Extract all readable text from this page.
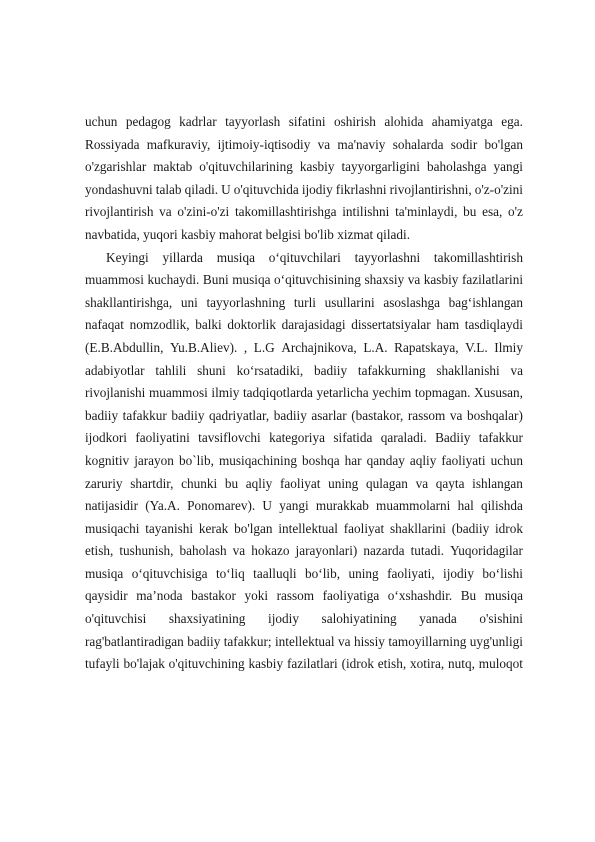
uchun pedagog kadrlar tayyorlash sifatini oshirish alohida ahamiyatga ega.
Rossiyada mafkuraviy, ijtimoiy-iqtisodiy va ma'naviy sohalarda sodir bo'lgan
o'zgarishlar maktab o'qituvchilarining kasbiy tayyorgarligini baholashga yangi
yondashuvni talab qiladi. U o'qituvchida ijodiy fikrlashni rivojlantirishni, o'z-o'zini
rivojlantirish va o'zini-o'zi takomillashtirishga intilishni ta'minlaydi, bu esa, o'z
navbatida, yuqori kasbiy mahorat belgisi bo'lib xizmat qiladi.
Keyingi yillarda musiqa o‘qituvchilari tayyorlashni takomillashtirish
muammosi kuchaydi. Buni musiqa o‘qituvchisining shaxsiy va kasbiy fazilatlarini
shakllantirishga, uni tayyorlashning turli usullarini asoslashga bag‘ishlangan
nafaqat nomzodlik, balki doktorlik darajasidagi dissertatsiyalar ham tasdiqlaydi
(E.B.Abdullin, Yu.B.Aliev). , L.G Archajnikova, L.A. Rapatskaya, V.L. Ilmiy
adabiyotlar tahlili shuni ko‘rsatadiki, badiiy tafakkurning shakllanishi va
rivojlanishi muammosi ilmiy tadqiqotlarda yetarlicha yechim topmagan. Xususan,
badiiy tafakkur badiiy qadriyatlar, badiiy asarlar (bastakor, rassom va boshqalar)
ijodkori faoliyatini tavsiflovchi kategoriya sifatida qaraladi. Badiiy tafakkur
kognitiv jarayon bo`lib, musiqachining boshqa har qanday aqliy faoliyati uchun
zaruriy shartdir, chunki bu aqliy faoliyat uning qulagan va qayta ishlangan
natijasidir (Ya.A. Ponomarev). U yangi murakkab muammolarni hal qilishda
musiqachi tayanishi kerak bo'lgan intellektual faoliyat shakllarini (badiiy idrok
etish, tushunish, baholash va hokazo jarayonlari) nazarda tutadi. Yuqoridagilar
musiqa o‘qituvchisiga to‘liq taalluqli bo‘lib, uning faoliyati, ijodiy bo‘lishi
qaysidir ma’noda bastakor yoki rassom faoliyatiga o‘xshashdir. Bu musiqa
o'qituvchisi shaxsiyatining ijodiy salohiyatining yanada o'sishini
rag'batlantiradigan badiiy tafakkur; intellektual va hissiy tamoyillarning uyg'unligi
tufayli bo'lajak o'qituvchining kasbiy fazilatlari (idrok etish, xotira, nutq, muloqot
